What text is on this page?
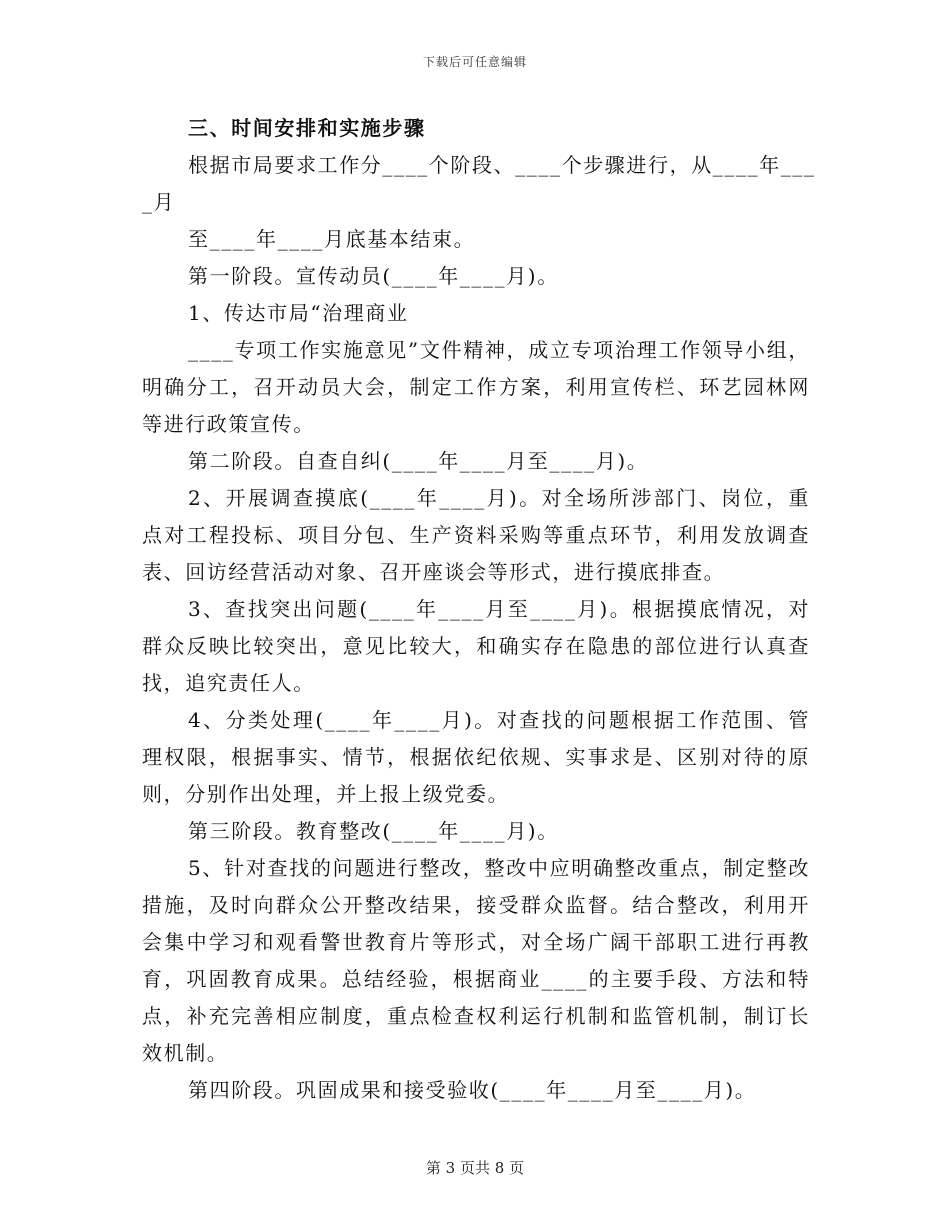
下载后可任意编辑

三、时间安排和实施步骤

根据市局要求工作分____个阶段、____个步骤进行，从____年___

_月

至____年____月底基本结束。

第一阶段。宣传动员(____年____月)。

1、传达市局“治理商业

____专项工作实施意见”文件精神，成立专项治理工作领导小组，明确分工，召开动员大会，制定工作方案，利用宣传栏、环艺园林网等进行政策宣传。

第二阶段。自查自纠(____年____月至____月)。

2、开展调查摸底(____年____月)。对全场所涉部门、岗位，重点对工程投标、项目分包、生产资料采购等重点环节，利用发放调查表、回访经营活动对象、召开座谈会等形式，进行摸底排查。

3、查找突出问题(____年____月至____月)。根据摸底情况，对群众反映比较突出，意见比较大，和确实存在隐患的部位进行认真查找，追究责任人。

4、分类处理(____年____月)。对查找的问题根据工作范围、管理权限，根据事实、情节，根据依纪依规、实事求是、区别对待的原则，分别作出处理，并上报上级党委。

第三阶段。教育整改(____年____月)。

5、针对查找的问题进行整改，整改中应明确整改重点，制定整改措施，及时向群众公开整改结果，接受群众监督。结合整改，利用开会集中学习和观看警世教育片等形式，对全场广阔干部职工进行再教育，巩固教育成果。总结经验，根据商业____的主要手段、方法和特点，补充完善相应制度，重点检查权利运行机制和监管机制，制订长效机制。

第四阶段。巩固成果和接受验收(____年____月至____月)。

第 3 页共 8 页
